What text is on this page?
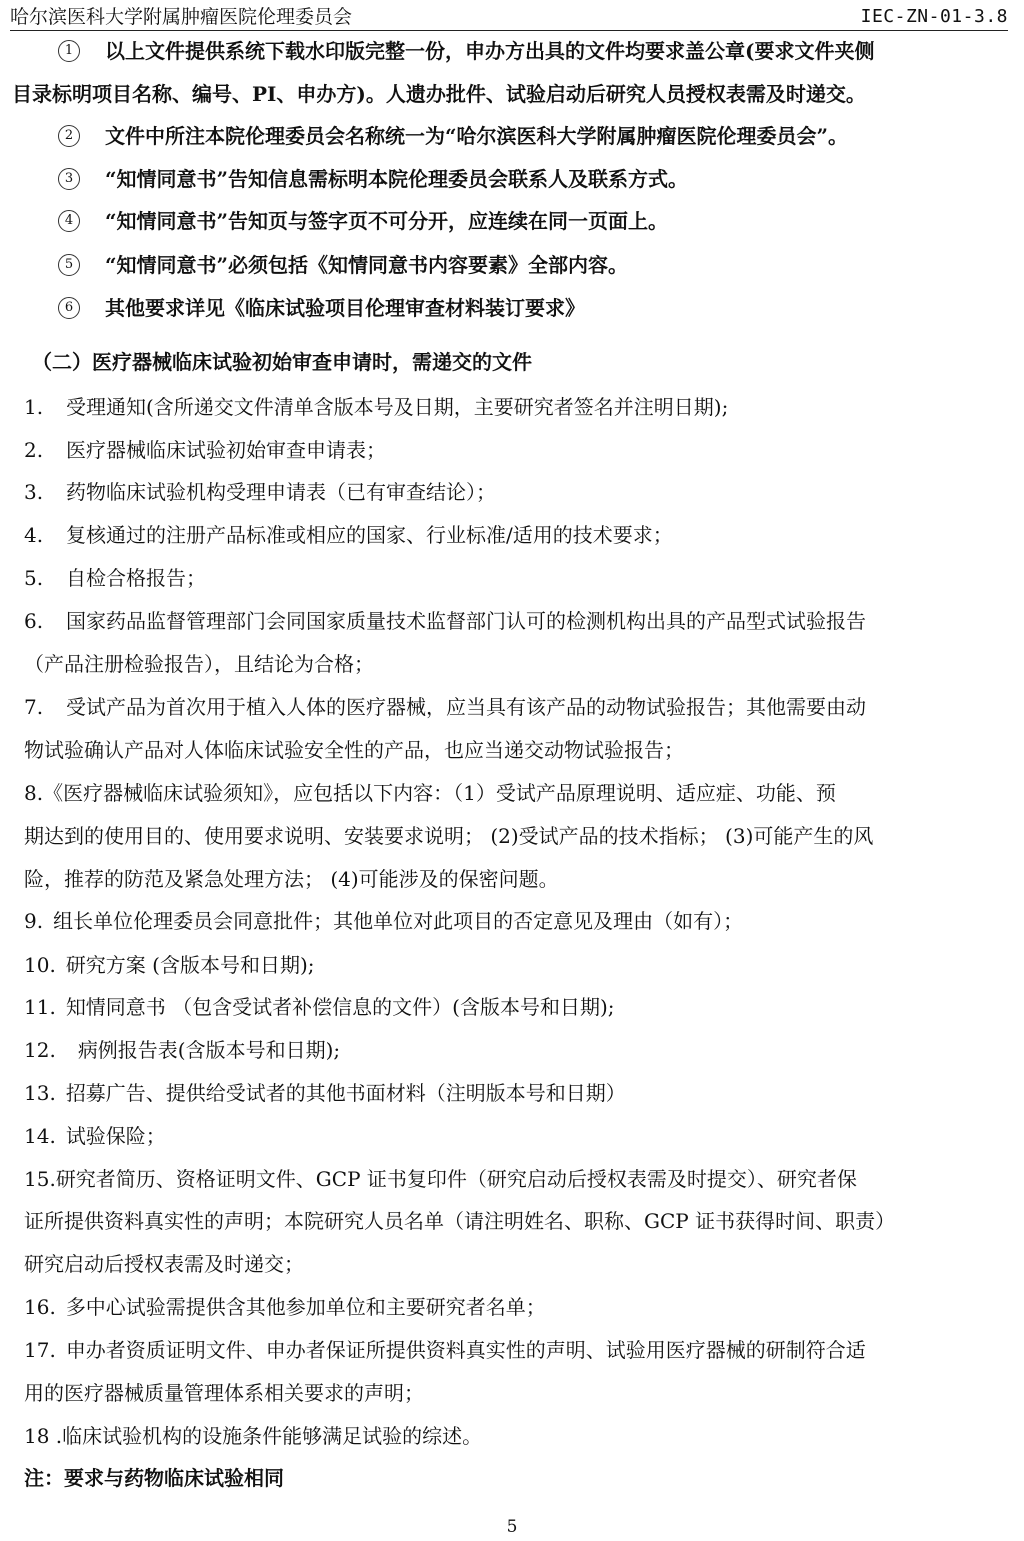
哈尔滨医科大学附属肿瘤医院伦理委员会	IEC-ZN-01-3.8
1	以上文件提供系统下载水印版完整一份，申办方出具的文件均要求盖公章(要求文件夹侧
目录标明项目名称、编号、PI、申办方)。人遗办批件、试验启动后研究人员授权表需及时递交。
2	文件中所注本院伦理委员会名称统一为“哈尔滨医科大学附属肿瘤医院伦理委员会”。
3	“知情同意书”告知信息需标明本院伦理委员会联系人及联系方式。
4	“知情同意书”告知页与签字页不可分开，应连续在同一页面上。
5	“知情同意书”必须包括《知情同意书内容要素》全部内容。
6	其他要求详见《临床试验项目伦理审查材料装订要求》
（二）医疗器械临床试验初始审查申请时，需递交的文件
1. 受理通知(含所递交文件清单含版本号及日期，主要研究者签名并注明日期);
2. 医疗器械临床试验初始审查申请表；
3. 药物临床试验机构受理申请表（已有审查结论）；
4. 复核通过的注册产品标准或相应的国家、行业标准/适用的技术要求；
5. 自检合格报告；
6. 国家药品监督管理部门会同国家质量技术监督部门认可的检测机构出具的产品型式试验报告
（产品注册检验报告），且结论为合格；
7. 受试产品为首次用于植入人体的医疗器械，应当具有该产品的动物试验报告；其他需要由动
物试验确认产品对人体临床试验安全性的产品，也应当递交动物试验报告；
8.《医疗器械临床试验须知》，应包括以下内容：（1）受试产品原理说明、适应症、功能、预
期达到的使用目的、使用要求说明、安装要求说明； (2)受试产品的技术指标； (3)可能产生的风
险，推荐的防范及紧急处理方法； (4)可能涉及的保密问题。
9. 组长单位伦理委员会同意批件；其他单位对此项目的否定意见及理由（如有）；
10. 研究方案 (含版本号和日期);
11. 知情同意书 （包含受试者补偿信息的文件）(含版本号和日期);
12. 病例报告表(含版本号和日期);
13. 招募广告、提供给受试者的其他书面材料（注明版本号和日期）
14. 试验保险；
15.研究者简历、资格证明文件、GCP 证书复印件（研究启动后授权表需及时提交）、研究者保
证所提供资料真实性的声明；本院研究人员名单（请注明姓名、职称、GCP 证书获得时间、职责）
研究启动后授权表需及时递交；
16. 多中心试验需提供含其他参加单位和主要研究者名单；
17. 申办者资质证明文件、申办者保证所提供资料真实性的声明、试验用医疗器械的研制符合适
用的医疗器械质量管理体系相关要求的声明；
18 .临床试验机构的设施条件能够满足试验的综述。
注：要求与药物临床试验相同
5
